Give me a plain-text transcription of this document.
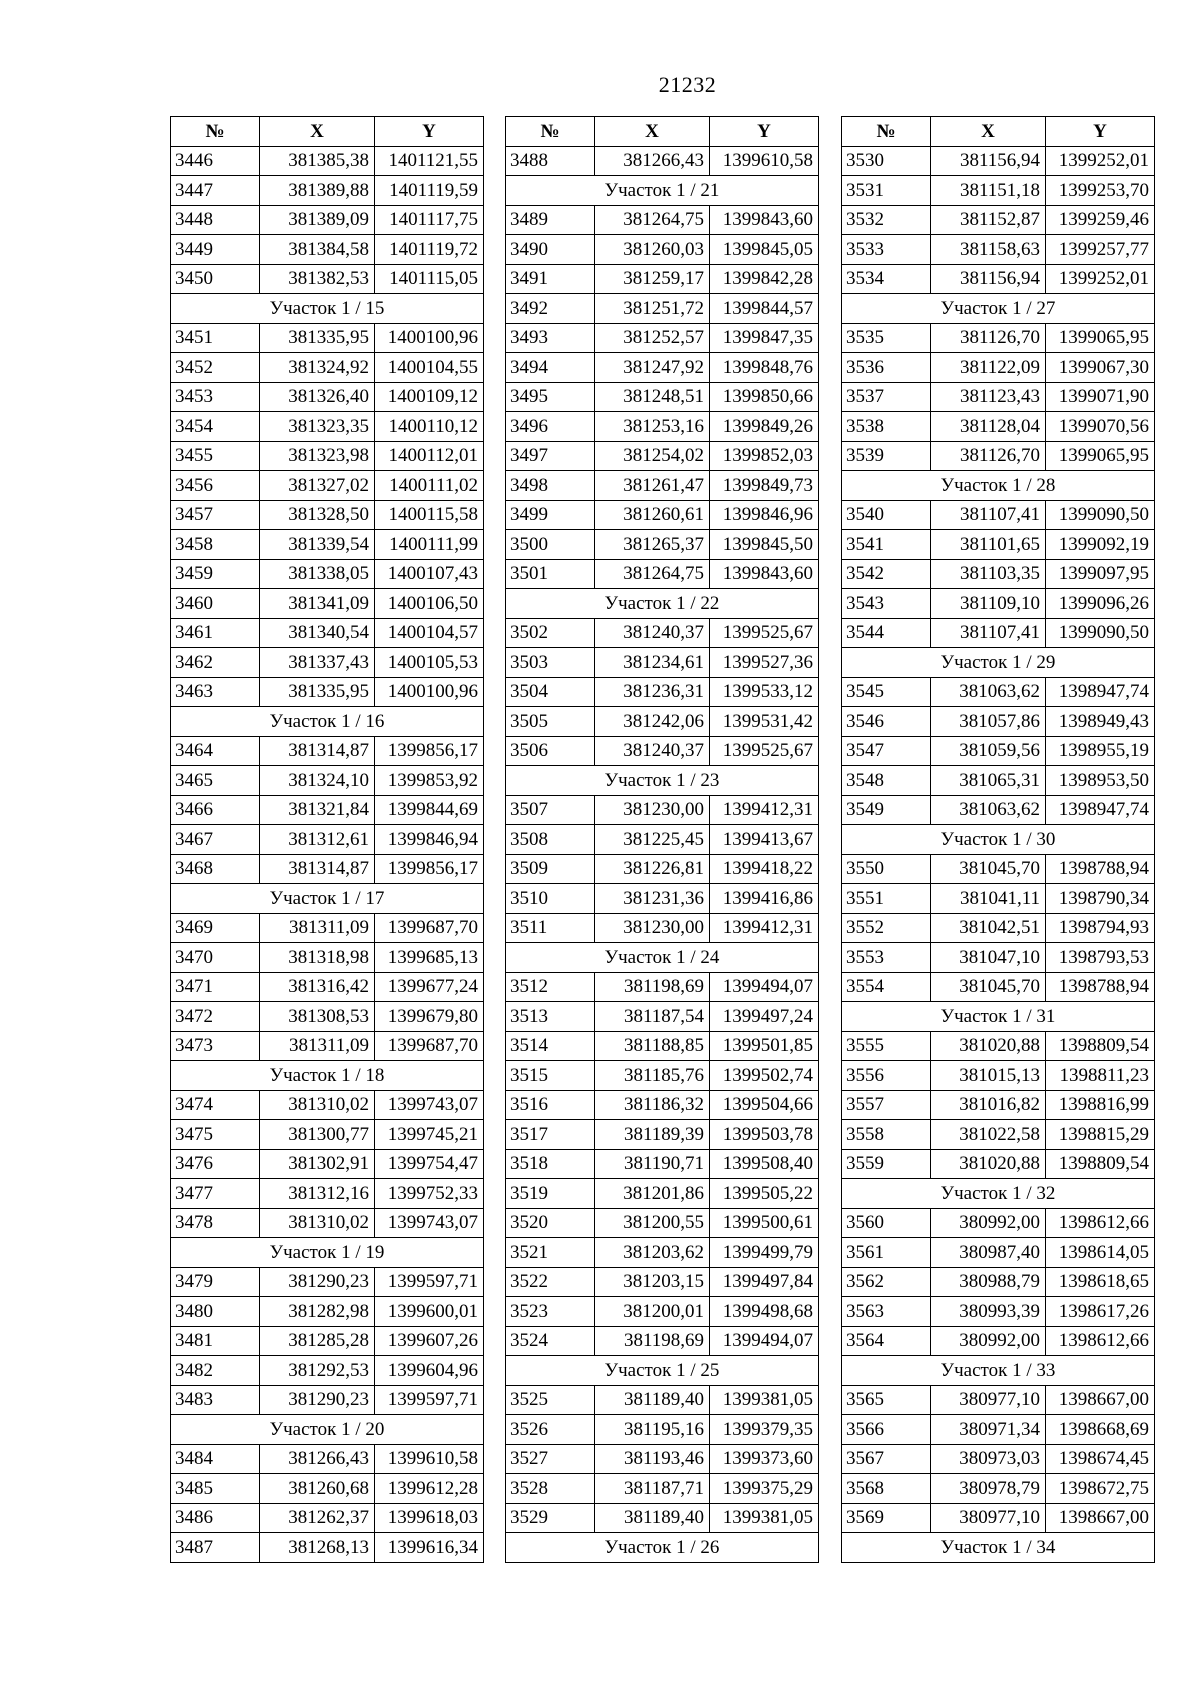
21232
№	X	Y
3446	381385,38	1401121,55
3447	381389,88	1401119,59
3448	381389,09	1401117,75
3449	381384,58	1401119,72
3450	381382,53	1401115,05
Участок 1 / 15		
3451	381335,95	1400100,96
3452	381324,92	1400104,55
3453	381326,40	1400109,12
3454	381323,35	1400110,12
3455	381323,98	1400112,01
3456	381327,02	1400111,02
3457	381328,50	1400115,58
3458	381339,54	1400111,99
3459	381338,05	1400107,43
3460	381341,09	1400106,50
3461	381340,54	1400104,57
3462	381337,43	1400105,53
3463	381335,95	1400100,96
Участок 1 / 16		
3464	381314,87	1399856,17
3465	381324,10	1399853,92
3466	381321,84	1399844,69
3467	381312,61	1399846,94
3468	381314,87	1399856,17
Участок 1 / 17		
3469	381311,09	1399687,70
3470	381318,98	1399685,13
3471	381316,42	1399677,24
3472	381308,53	1399679,80
3473	381311,09	1399687,70
Участок 1 / 18		
3474	381310,02	1399743,07
3475	381300,77	1399745,21
3476	381302,91	1399754,47
3477	381312,16	1399752,33
3478	381310,02	1399743,07
Участок 1 / 19		
3479	381290,23	1399597,71
3480	381282,98	1399600,01
3481	381285,28	1399607,26
3482	381292,53	1399604,96
3483	381290,23	1399597,71
Участок 1 / 20		
3484	381266,43	1399610,58
3485	381260,68	1399612,28
3486	381262,37	1399618,03
3487	381268,13	1399616,34
№	X	Y
3488	381266,43	1399610,58
Участок 1 / 21		
3489	381264,75	1399843,60
3490	381260,03	1399845,05
3491	381259,17	1399842,28
3492	381251,72	1399844,57
3493	381252,57	1399847,35
3494	381247,92	1399848,76
3495	381248,51	1399850,66
3496	381253,16	1399849,26
3497	381254,02	1399852,03
3498	381261,47	1399849,73
3499	381260,61	1399846,96
3500	381265,37	1399845,50
3501	381264,75	1399843,60
Участок 1 / 22		
3502	381240,37	1399525,67
3503	381234,61	1399527,36
3504	381236,31	1399533,12
3505	381242,06	1399531,42
3506	381240,37	1399525,67
Участок 1 / 23		
3507	381230,00	1399412,31
3508	381225,45	1399413,67
3509	381226,81	1399418,22
3510	381231,36	1399416,86
3511	381230,00	1399412,31
Участок 1 / 24		
3512	381198,69	1399494,07
3513	381187,54	1399497,24
3514	381188,85	1399501,85
3515	381185,76	1399502,74
3516	381186,32	1399504,66
3517	381189,39	1399503,78
3518	381190,71	1399508,40
3519	381201,86	1399505,22
3520	381200,55	1399500,61
3521	381203,62	1399499,79
3522	381203,15	1399497,84
3523	381200,01	1399498,68
3524	381198,69	1399494,07
Участок 1 / 25		
3525	381189,40	1399381,05
3526	381195,16	1399379,35
3527	381193,46	1399373,60
3528	381187,71	1399375,29
3529	381189,40	1399381,05
Участок 1 / 26		
№	X	Y
3530	381156,94	1399252,01
3531	381151,18	1399253,70
3532	381152,87	1399259,46
3533	381158,63	1399257,77
3534	381156,94	1399252,01
Участок 1 / 27		
3535	381126,70	1399065,95
3536	381122,09	1399067,30
3537	381123,43	1399071,90
3538	381128,04	1399070,56
3539	381126,70	1399065,95
Участок 1 / 28		
3540	381107,41	1399090,50
3541	381101,65	1399092,19
3542	381103,35	1399097,95
3543	381109,10	1399096,26
3544	381107,41	1399090,50
Участок 1 / 29		
3545	381063,62	1398947,74
3546	381057,86	1398949,43
3547	381059,56	1398955,19
3548	381065,31	1398953,50
3549	381063,62	1398947,74
Участок 1 / 30		
3550	381045,70	1398788,94
3551	381041,11	1398790,34
3552	381042,51	1398794,93
3553	381047,10	1398793,53
3554	381045,70	1398788,94
Участок 1 / 31		
3555	381020,88	1398809,54
3556	381015,13	1398811,23
3557	381016,82	1398816,99
3558	381022,58	1398815,29
3559	381020,88	1398809,54
Участок 1 / 32		
3560	380992,00	1398612,66
3561	380987,40	1398614,05
3562	380988,79	1398618,65
3563	380993,39	1398617,26
3564	380992,00	1398612,66
Участок 1 / 33		
3565	380977,10	1398667,00
3566	380971,34	1398668,69
3567	380973,03	1398674,45
3568	380978,79	1398672,75
3569	380977,10	1398667,00
Участок 1 / 34		
